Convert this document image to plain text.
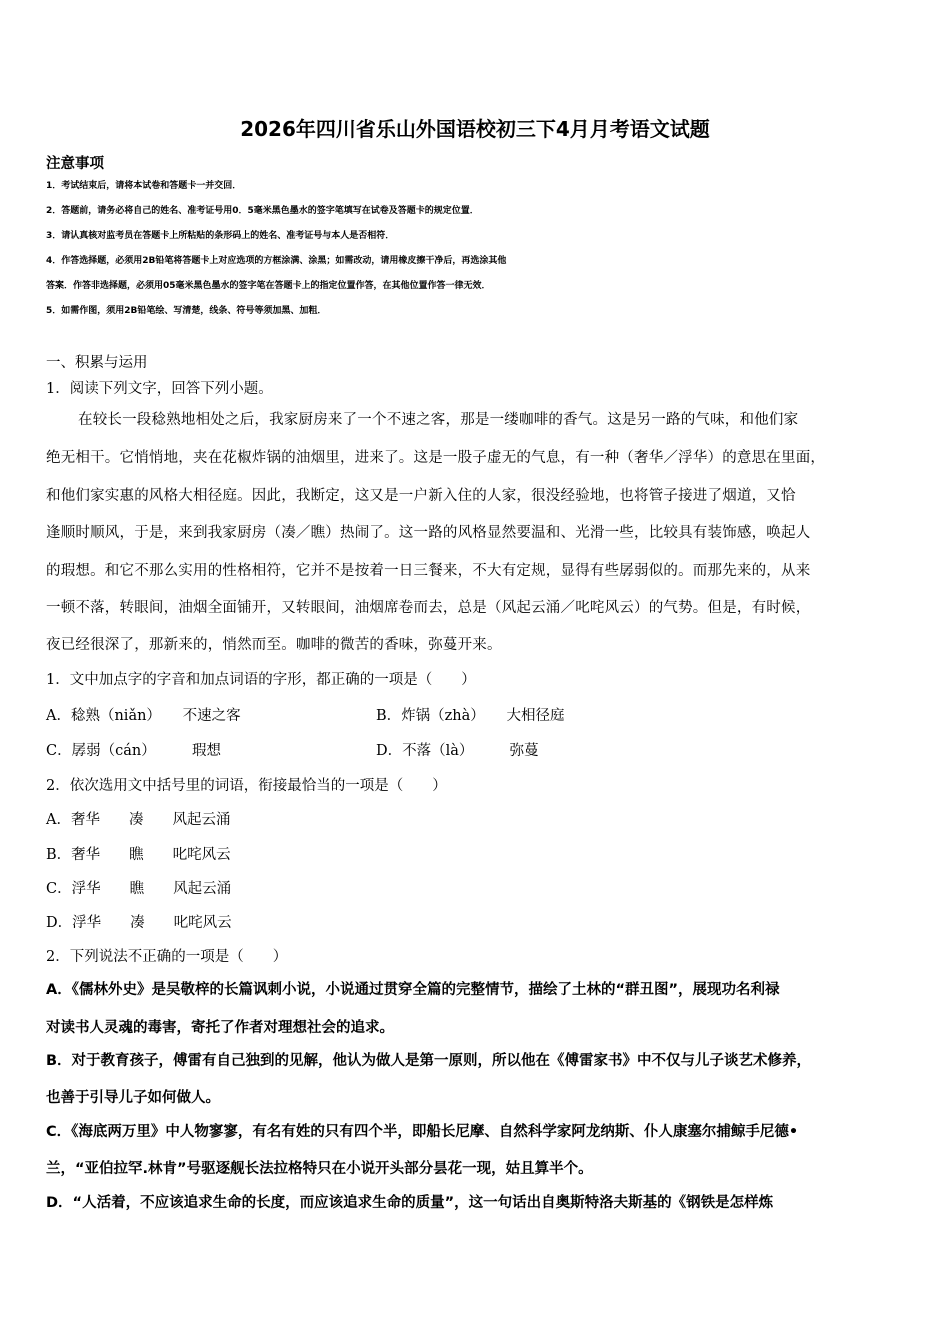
2026年四川省乐山外国语校初三下4月月考语文试题
注意事项
1．考试结束后，请将本试卷和答题卡一并交回．
2．答题前，请务必将自己的姓名、准考证号用0．5毫米黑色墨水的签字笔填写在试卷及答题卡的规定位置．
3．请认真核对监考员在答题卡上所粘贴的条形码上的姓名、准考证号与本人是否相符．
4．作答选择题，必须用2B铅笔将答题卡上对应选项的方框涂满、涂黑；如需改动，请用橡皮擦干净后，再选涂其他
答案．作答非选择题，必须用05毫米黑色墨水的签字笔在答题卡上的指定位置作答，在其他位置作答一律无效．
5．如需作图，须用2B铅笔绘、写清楚，线条、符号等须加黑、加粗．
一、积累与运用
1．阅读下列文字，回答下列小题。
在较长一段稔熟地相处之后，我家厨房来了一个不速之客，那是一缕咖啡的香气。这是另一路的气味，和他们家
绝无相干。它悄悄地，夹在花椒炸锅的油烟里，进来了。这是一股子虚无的气息，有一种（奢华／浮华）的意思在里面，
和他们家实惠的风格大相径庭。因此，我断定，这又是一户新入住的人家，很没经验地，也将管子接进了烟道，又恰
逢顺时顺风，于是，来到我家厨房（凑／瞧）热闹了。这一路的风格显然要温和、光滑一些，比较具有装饰感，唤起人
的瑕想。和它不那么实用的性格相符，它并不是按着一日三餐来，不大有定规，显得有些孱弱似的。而那先来的，从来
一顿不落，转眼间，油烟全面铺开，又转眼间，油烟席卷而去，总是（风起云涌／叱咤风云）的气势。但是，有时候，
夜已经很深了，那新来的，悄然而至。咖啡的微苦的香味，弥蔓开来。
1．文中加点字的字音和加点词语的字形，都正确的一项是（　　）
A．稔熟（niǎn）　　不速之客	B．炸锅（zhà）　　大相径庭
C．孱弱（cán）　　　瑕想	D．不落（là）　　　弥蔓
2．依次选用文中括号里的词语，衔接最恰当的一项是（　　）
A．奢华　　凑　　风起云涌
B．奢华　　瞧　　叱咤风云
C．浮华　　瞧　　风起云涌
D．浮华　　凑　　叱咤风云
2．下列说法不正确的一项是（　　）
A．《儒林外史》是吴敬梓的长篇讽刺小说，小说通过贯穿全篇的完整情节，描绘了土林的“群丑图”，展现功名利禄
对读书人灵魂的毒害，寄托了作者对理想社会的追求。
B．对于教育孩子，傅雷有自己独到的见解，他认为做人是第一原则，所以他在《傅雷家书》中不仅与儿子谈艺术修养，
也善于引导儿子如何做人。
C．《海底两万里》中人物寥寥，有名有姓的只有四个半，即船长尼摩、自然科学家阿龙纳斯、仆人康塞尔捕鲸手尼德•
兰，“亚伯拉罕.林肯”号驱逐舰长法拉格特只在小说开头部分昙花一现，姑且算半个。
D．“人活着，不应该追求生命的长度，而应该追求生命的质量”，这一句话出自奥斯特洛夫斯基的《钢铁是怎样炼
